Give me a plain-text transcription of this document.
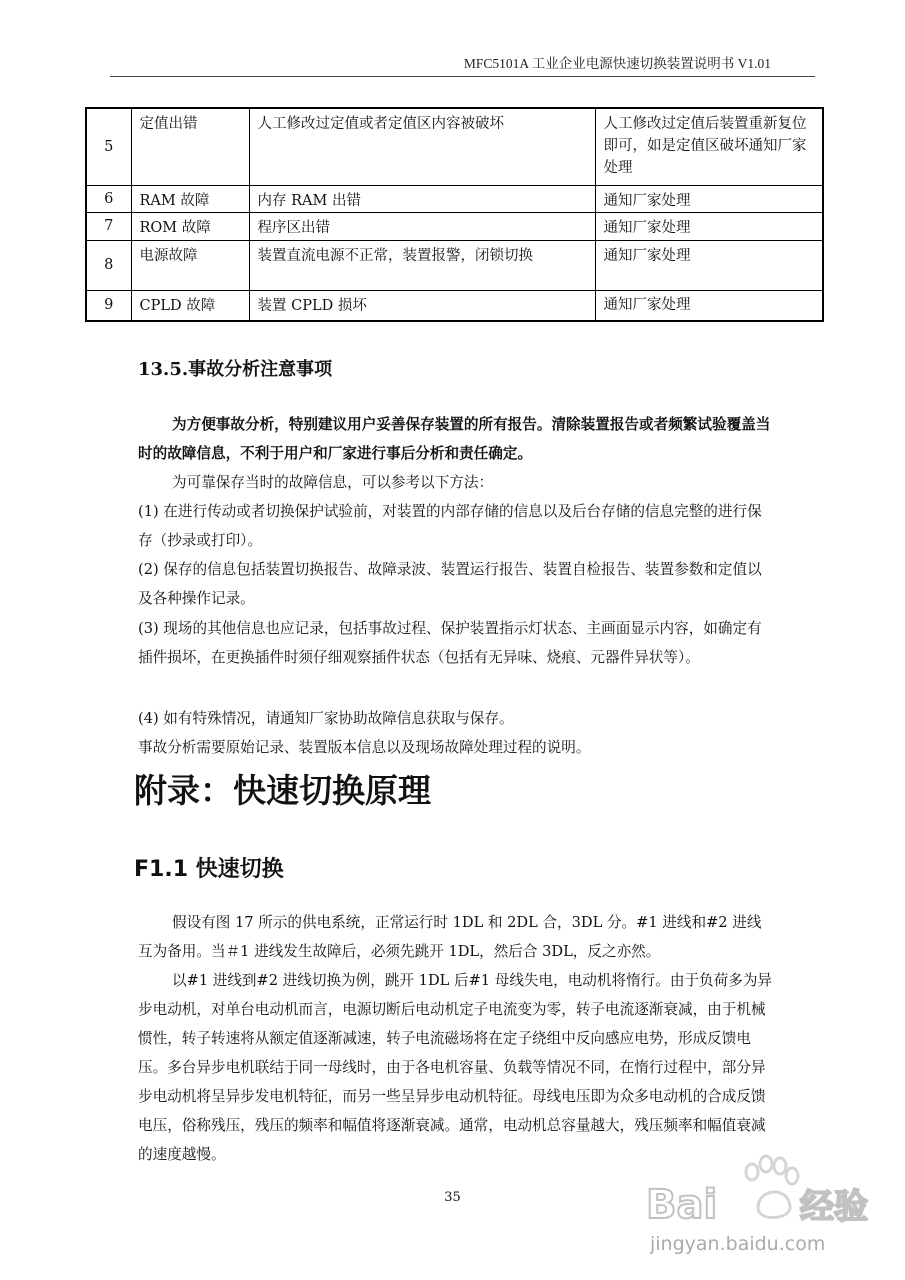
MFC5101A 工业企业电源快速切换装置说明书 V1.01
5	定值出错	人工修改过定值或者定值区内容被破坏	人工修改过定值后装置重新复位即可，如是定值区破坏通知厂家处理
6	RAM 故障	内存 RAM 出错	通知厂家处理
7	ROM 故障	程序区出错	通知厂家处理
8	电源故障	装置直流电源不正常，装置报警，闭锁切换	通知厂家处理
9	CPLD 故障	装置 CPLD 损坏	通知厂家处理
13.5.事故分析注意事项
为方便事故分析，特别建议用户妥善保存装置的所有报告。清除装置报告或者频繁试验覆盖当时的故障信息，不利于用户和厂家进行事后分析和责任确定。
为可靠保存当时的故障信息，可以参考以下方法：
(1) 在进行传动或者切换保护试验前，对装置的内部存储的信息以及后台存储的信息完整的进行保存（抄录或打印）。
(2) 保存的信息包括装置切换报告、故障录波、装置运行报告、装置自检报告、装置参数和定值以及各种操作记录。
(3) 现场的其他信息也应记录，包括事故过程、保护装置指示灯状态、主画面显示内容，如确定有插件损坏，在更换插件时须仔细观察插件状态（包括有无异味、烧痕、元器件异状等）。
(4) 如有特殊情况，请通知厂家协助故障信息获取与保存。
事故分析需要原始记录、装置版本信息以及现场故障处理过程的说明。
附录：快速切换原理
F1.1 快速切换
假设有图 17 所示的供电系统，正常运行时 1DL 和 2DL 合，3DL 分。#1 进线和#2 进线互为备用。当＃1 进线发生故障后，必须先跳开 1DL，然后合 3DL，反之亦然。
以#1 进线到#2 进线切换为例，跳开 1DL 后#1 母线失电，电动机将惰行。由于负荷多为异步电动机，对单台电动机而言，电源切断后电动机定子电流变为零，转子电流逐渐衰减，由于机械惯性，转子转速将从额定值逐渐减速，转子电流磁场将在定子绕组中反向感应电势，形成反馈电压。多台异步电机联结于同一母线时，由于各电机容量、负载等情况不同，在惰行过程中，部分异步电动机将呈异步发电机特征，而另一些呈异步电动机特征。母线电压即为众多电动机的合成反馈电压，俗称残压，残压的频率和幅值将逐渐衰减。通常，电动机总容量越大，残压频率和幅值衰减的速度越慢。
35	Bai 经验
jingyan.baidu.com
